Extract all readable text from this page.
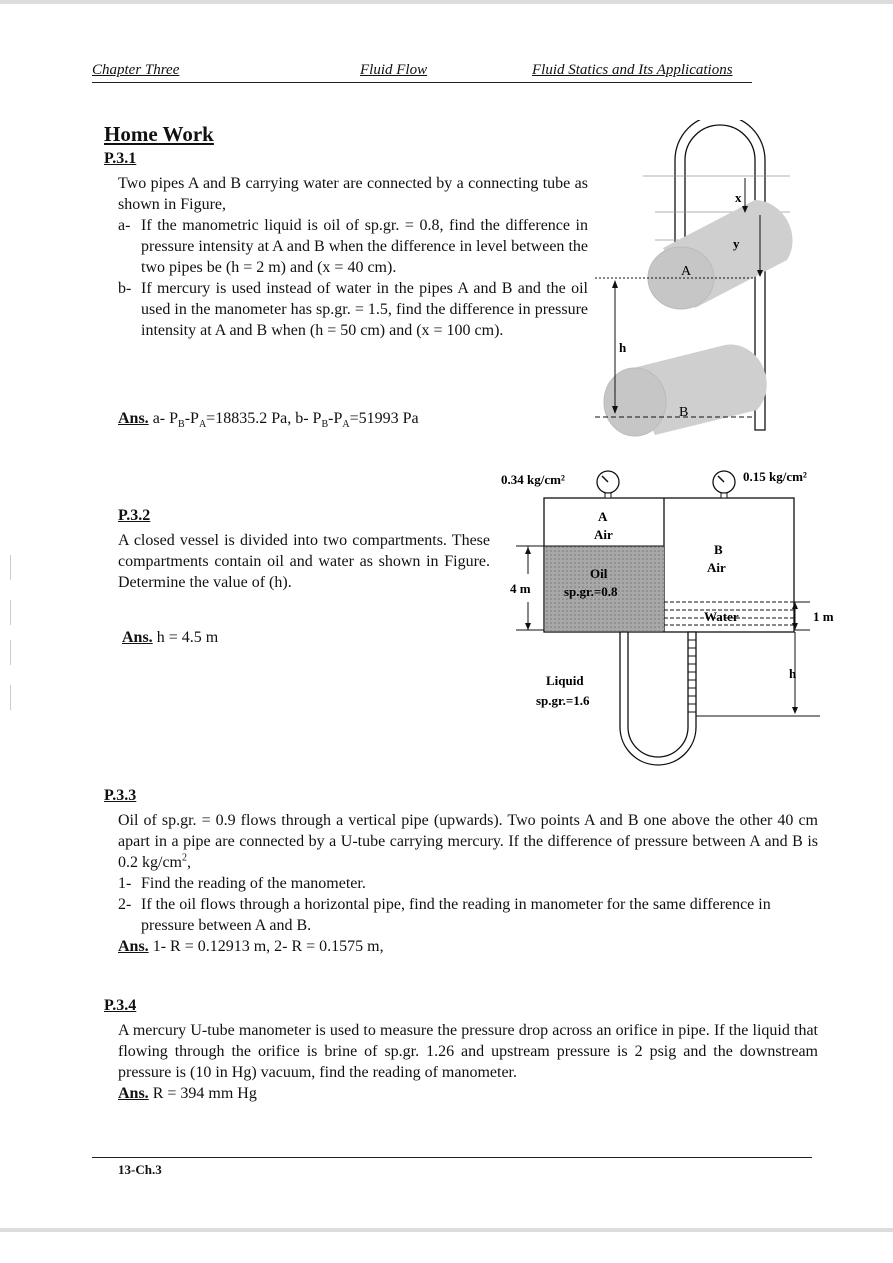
Chapter Three	Fluid Flow	Fluid Statics and Its Applications
Home Work
P.3.1
Two pipes A and B carrying water are connected by a connecting tube as shown in Figure,
a- If the manometric liquid is oil of sp.gr. = 0.8, find the difference in pressure intensity at A and B when the difference in level between the two pipes be (h = 2 m) and (x = 40 cm).
b- If mercury is used instead of water in the pipes A and B and the oil used in the manometer has sp.gr. = 1.5, find the difference in pressure intensity at A and B when (h = 50 cm) and (x = 100 cm).
Ans. a- $P_B-P_A=18835.2$ Pa, b- $P_B-P_A=51993$ Pa
x
y
A
B
h
P.3.2
A closed vessel is divided into two compartments. These compartments contain oil and water as shown in Figure. Determine the value of (h).
Ans. h = 4.5 m
0.34 kg/cm²	0.15 kg/cm²
A
Air
B
Air
Oil
sp.gr.=0.8
Water
4 m
1 m
h
Liquid
sp.gr.=1.6
P.3.3
Oil of sp.gr. = 0.9 flows through a vertical pipe (upwards). Two points A and B one above the other 40 cm apart in a pipe are connected by a U-tube carrying mercury. If the difference of pressure between A and B is 0.2 $kg/cm^2$,
1- Find the reading of the manometer.
2- If the oil flows through a horizontal pipe, find the reading in manometer for the same difference in pressure between A and B.
Ans. 1- R = 0.12913 m, 2- R = 0.1575 m,
P.3.4
A mercury U-tube manometer is used to measure the pressure drop across an orifice in pipe. If the liquid that flowing through the orifice is brine of sp.gr. 1.26 and upstream pressure is 2 psig and the downstream pressure is (10 in Hg) vacuum, find the reading of manometer.
Ans. R = 394 mm Hg
13-Ch.3
